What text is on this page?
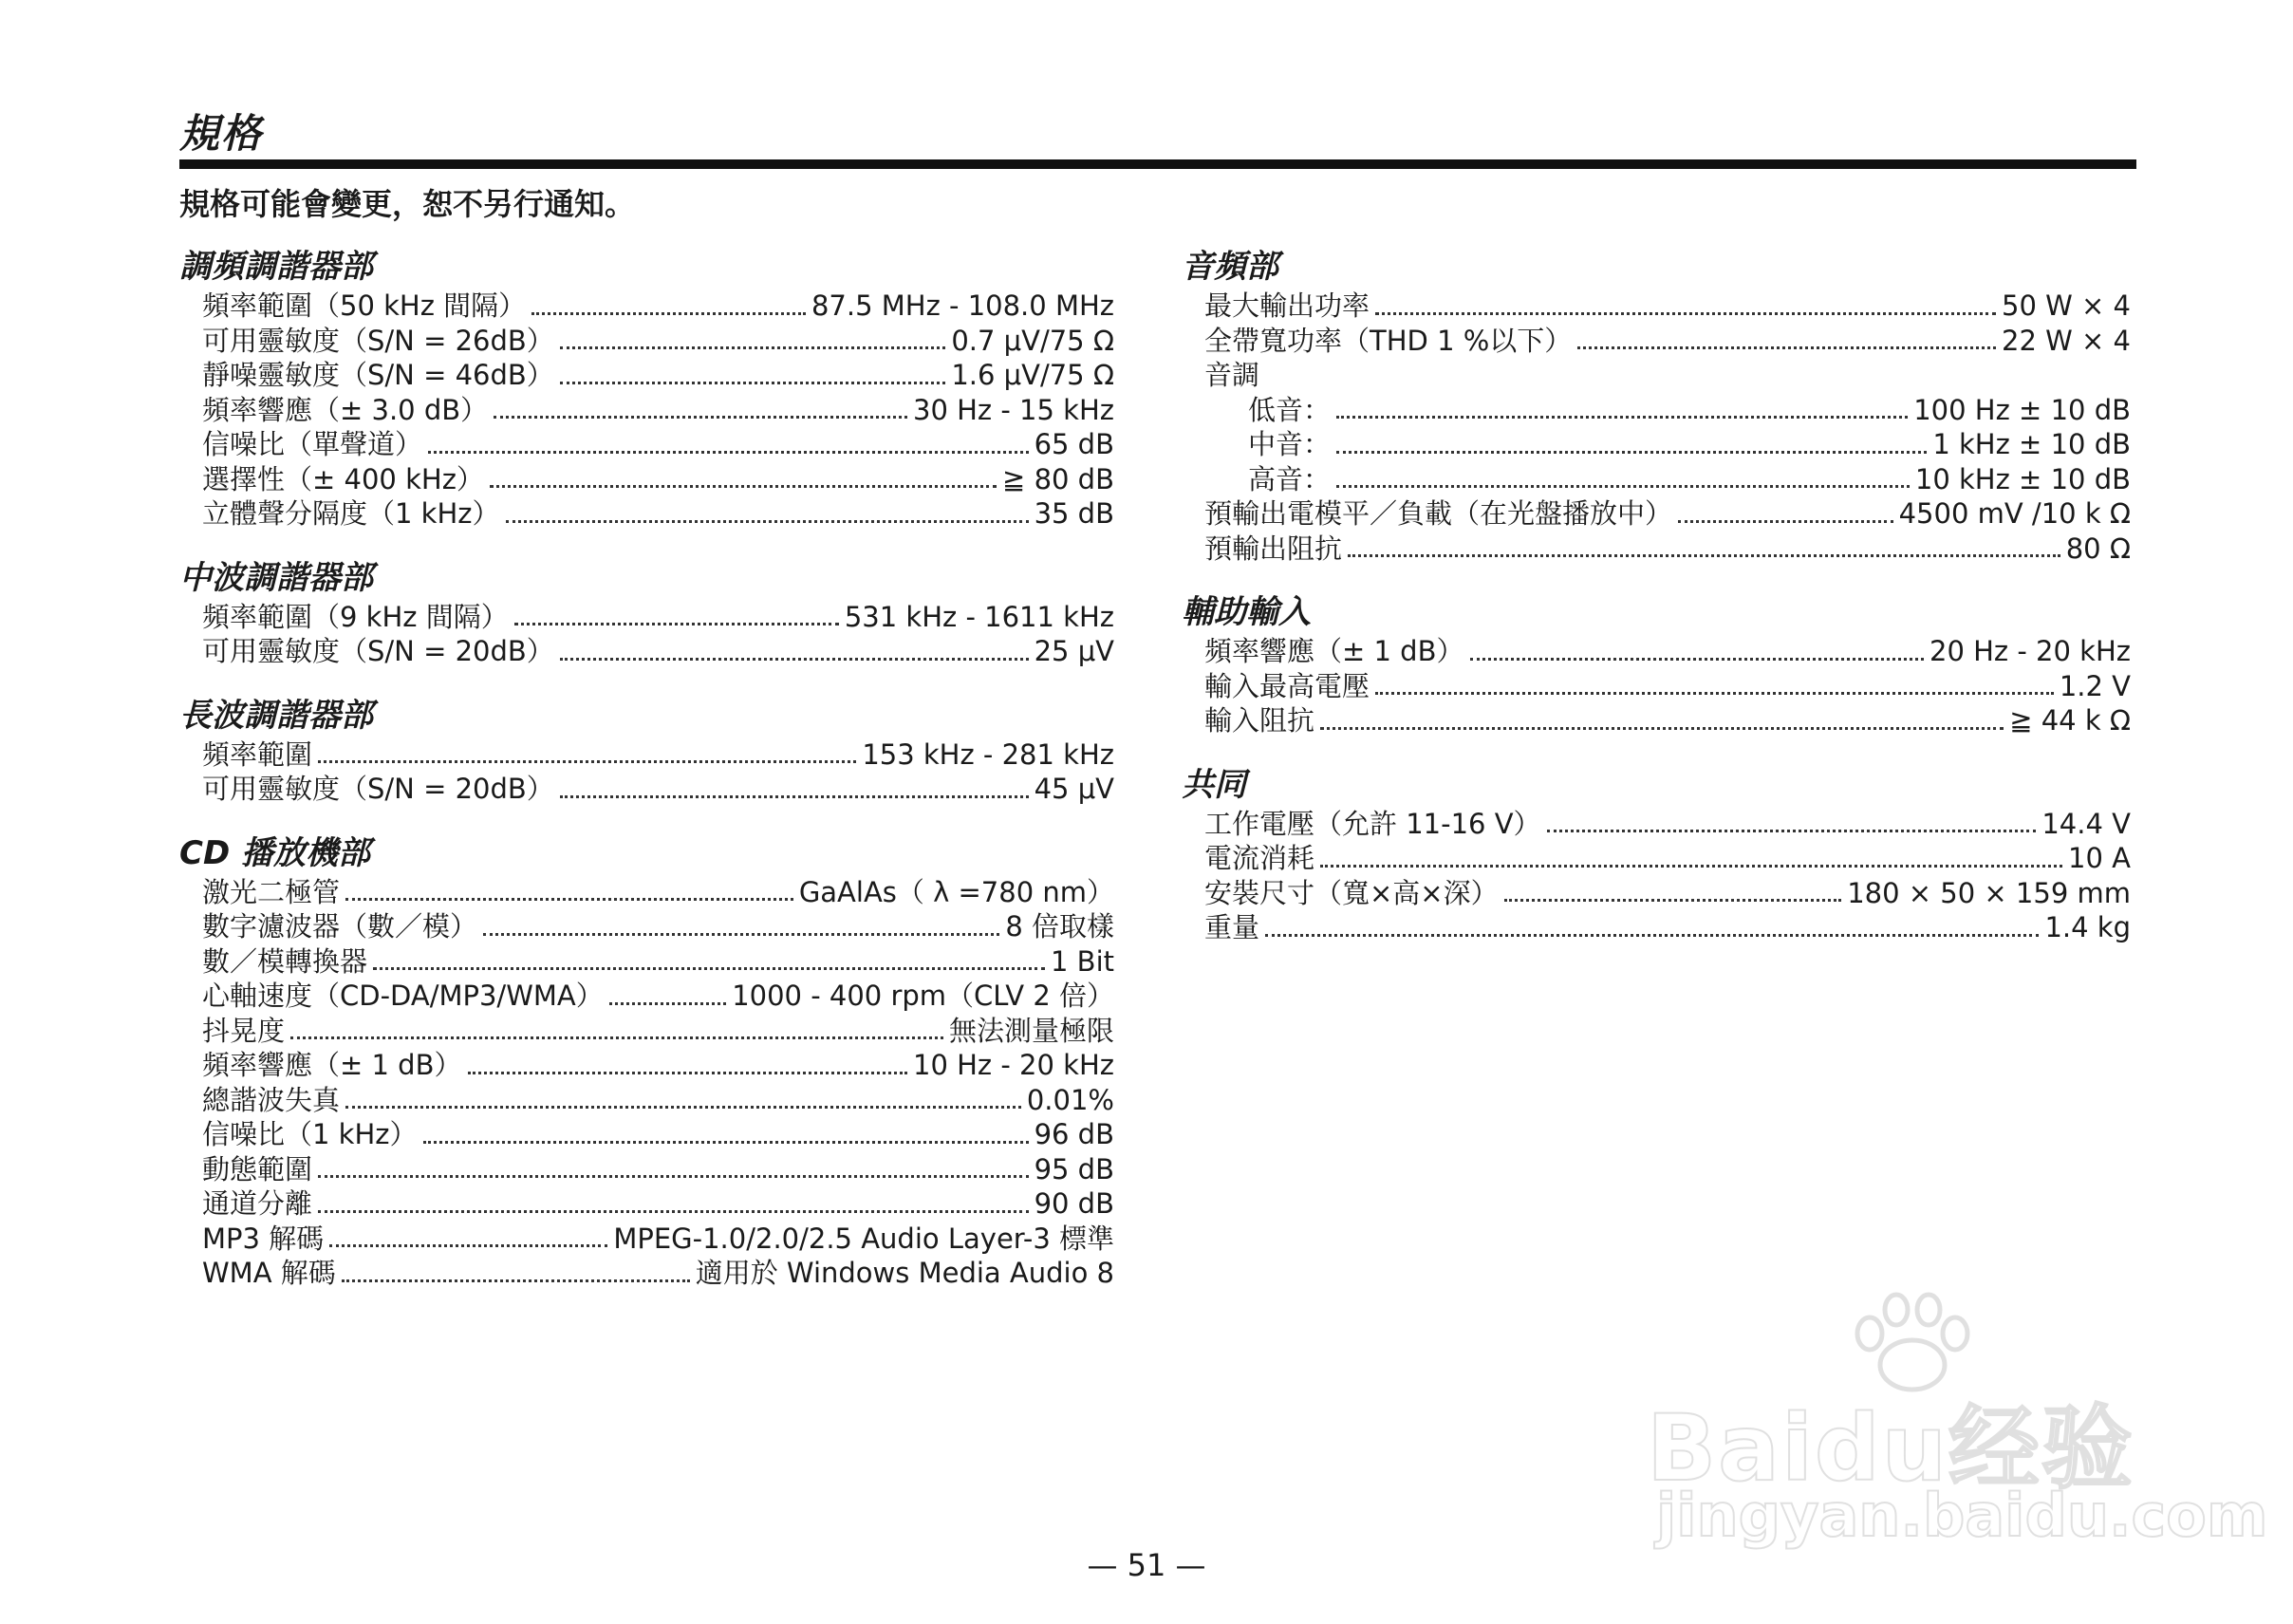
規格
規格可能會變更，恕不另行通知。
調頻調諧器部
頻率範圍（50 kHz 間隔）	87.5 MHz - 108.0 MHz
可用靈敏度（S/N = 26dB）	0.7 μV/75 Ω
靜噪靈敏度（S/N = 46dB）	1.6 μV/75 Ω
頻率響應（± 3.0 dB）	30 Hz - 15 kHz
信噪比（單聲道）	65 dB
選擇性（± 400 kHz）	≧ 80 dB
立體聲分隔度（1 kHz）	35 dB
中波調諧器部
頻率範圍（9 kHz 間隔）	531 kHz - 1611 kHz
可用靈敏度（S/N = 20dB）	25 μV
長波調諧器部
頻率範圍	153 kHz - 281 kHz
可用靈敏度（S/N = 20dB）	45 μV
CD 播放機部
激光二極管	GaAlAs（ λ =780 nm）
數字濾波器（數／模）	8 倍取樣
數／模轉換器	1 Bit
心軸速度（CD-DA/MP3/WMA）	1000 - 400 rpm（CLV 2 倍）
抖晃度	無法測量極限
頻率響應（± 1 dB）	10 Hz - 20 kHz
總諧波失真	0.01%
信噪比（1 kHz）	96 dB
動態範圍	95 dB
通道分離	90 dB
MP3 解碼	MPEG-1.0/2.0/2.5 Audio Layer-3 標準
WMA 解碼	適用於 Windows Media Audio 8
音頻部
最大輸出功率	50 W × 4
全帶寬功率（THD 1 %以下）	22 W × 4
音調
低音：	100 Hz ± 10 dB
中音：	1 kHz ± 10 dB
高音：	10 kHz ± 10 dB
預輸出電模平／負載（在光盤播放中）	4500 mV /10 k Ω
預輸出阻抗	80 Ω
輔助輸入
頻率響應（± 1 dB）	20 Hz - 20 kHz
輸入最高電壓	1.2 V
輸入阻抗	≧ 44 k Ω
共同
工作電壓（允許 11-16 V）	14.4 V
電流消耗	10 A
安裝尺寸（寬×高×深）	180 × 50 × 159 mm
重量	1.4 kg
— 51 —
Baidu经验
jingyan.baidu.com
